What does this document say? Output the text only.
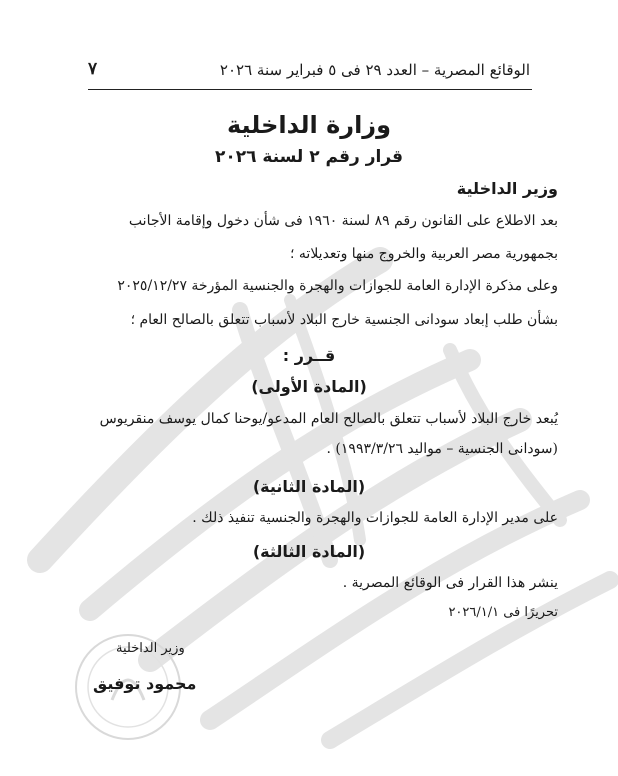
الوقائع المصرية – العدد ٢٩ فى ٥ فبراير سنة ٢٠٢٦
٧
وزارة الداخلية
قرار رقم ٢ لسنة ٢٠٢٦
وزير الداخلية
بعد الاطلاع على القانون رقم ٨٩ لسنة ١٩٦٠ فى شأن دخول وإقامة الأجانب
بجمهورية مصر العربية والخروج منها وتعديلاته ؛
وعلى مذكرة الإدارة العامة للجوازات والهجرة والجنسية المؤرخة ٢٠٢٥/١٢/٢٧
بشأن طلب إبعاد سودانى الجنسية خارج البلاد لأسباب تتعلق بالصالح العام ؛
قــرر :
(المادة الأولى)
يُبعد خارج البلاد لأسباب تتعلق بالصالح العام المدعو/يوحنا كمال يوسف منقريوس
(سودانى الجنسية – مواليد ١٩٩٣/٣/٢٦) .
(المادة الثانية)
على مدير الإدارة العامة للجوازات والهجرة والجنسية تنفيذ ذلك .
(المادة الثالثة)
ينشر هذا القرار فى الوقائع المصرية .
تحريرًا فى ٢٠٢٦/١/١
وزير الداخلية
محمود توفيق
